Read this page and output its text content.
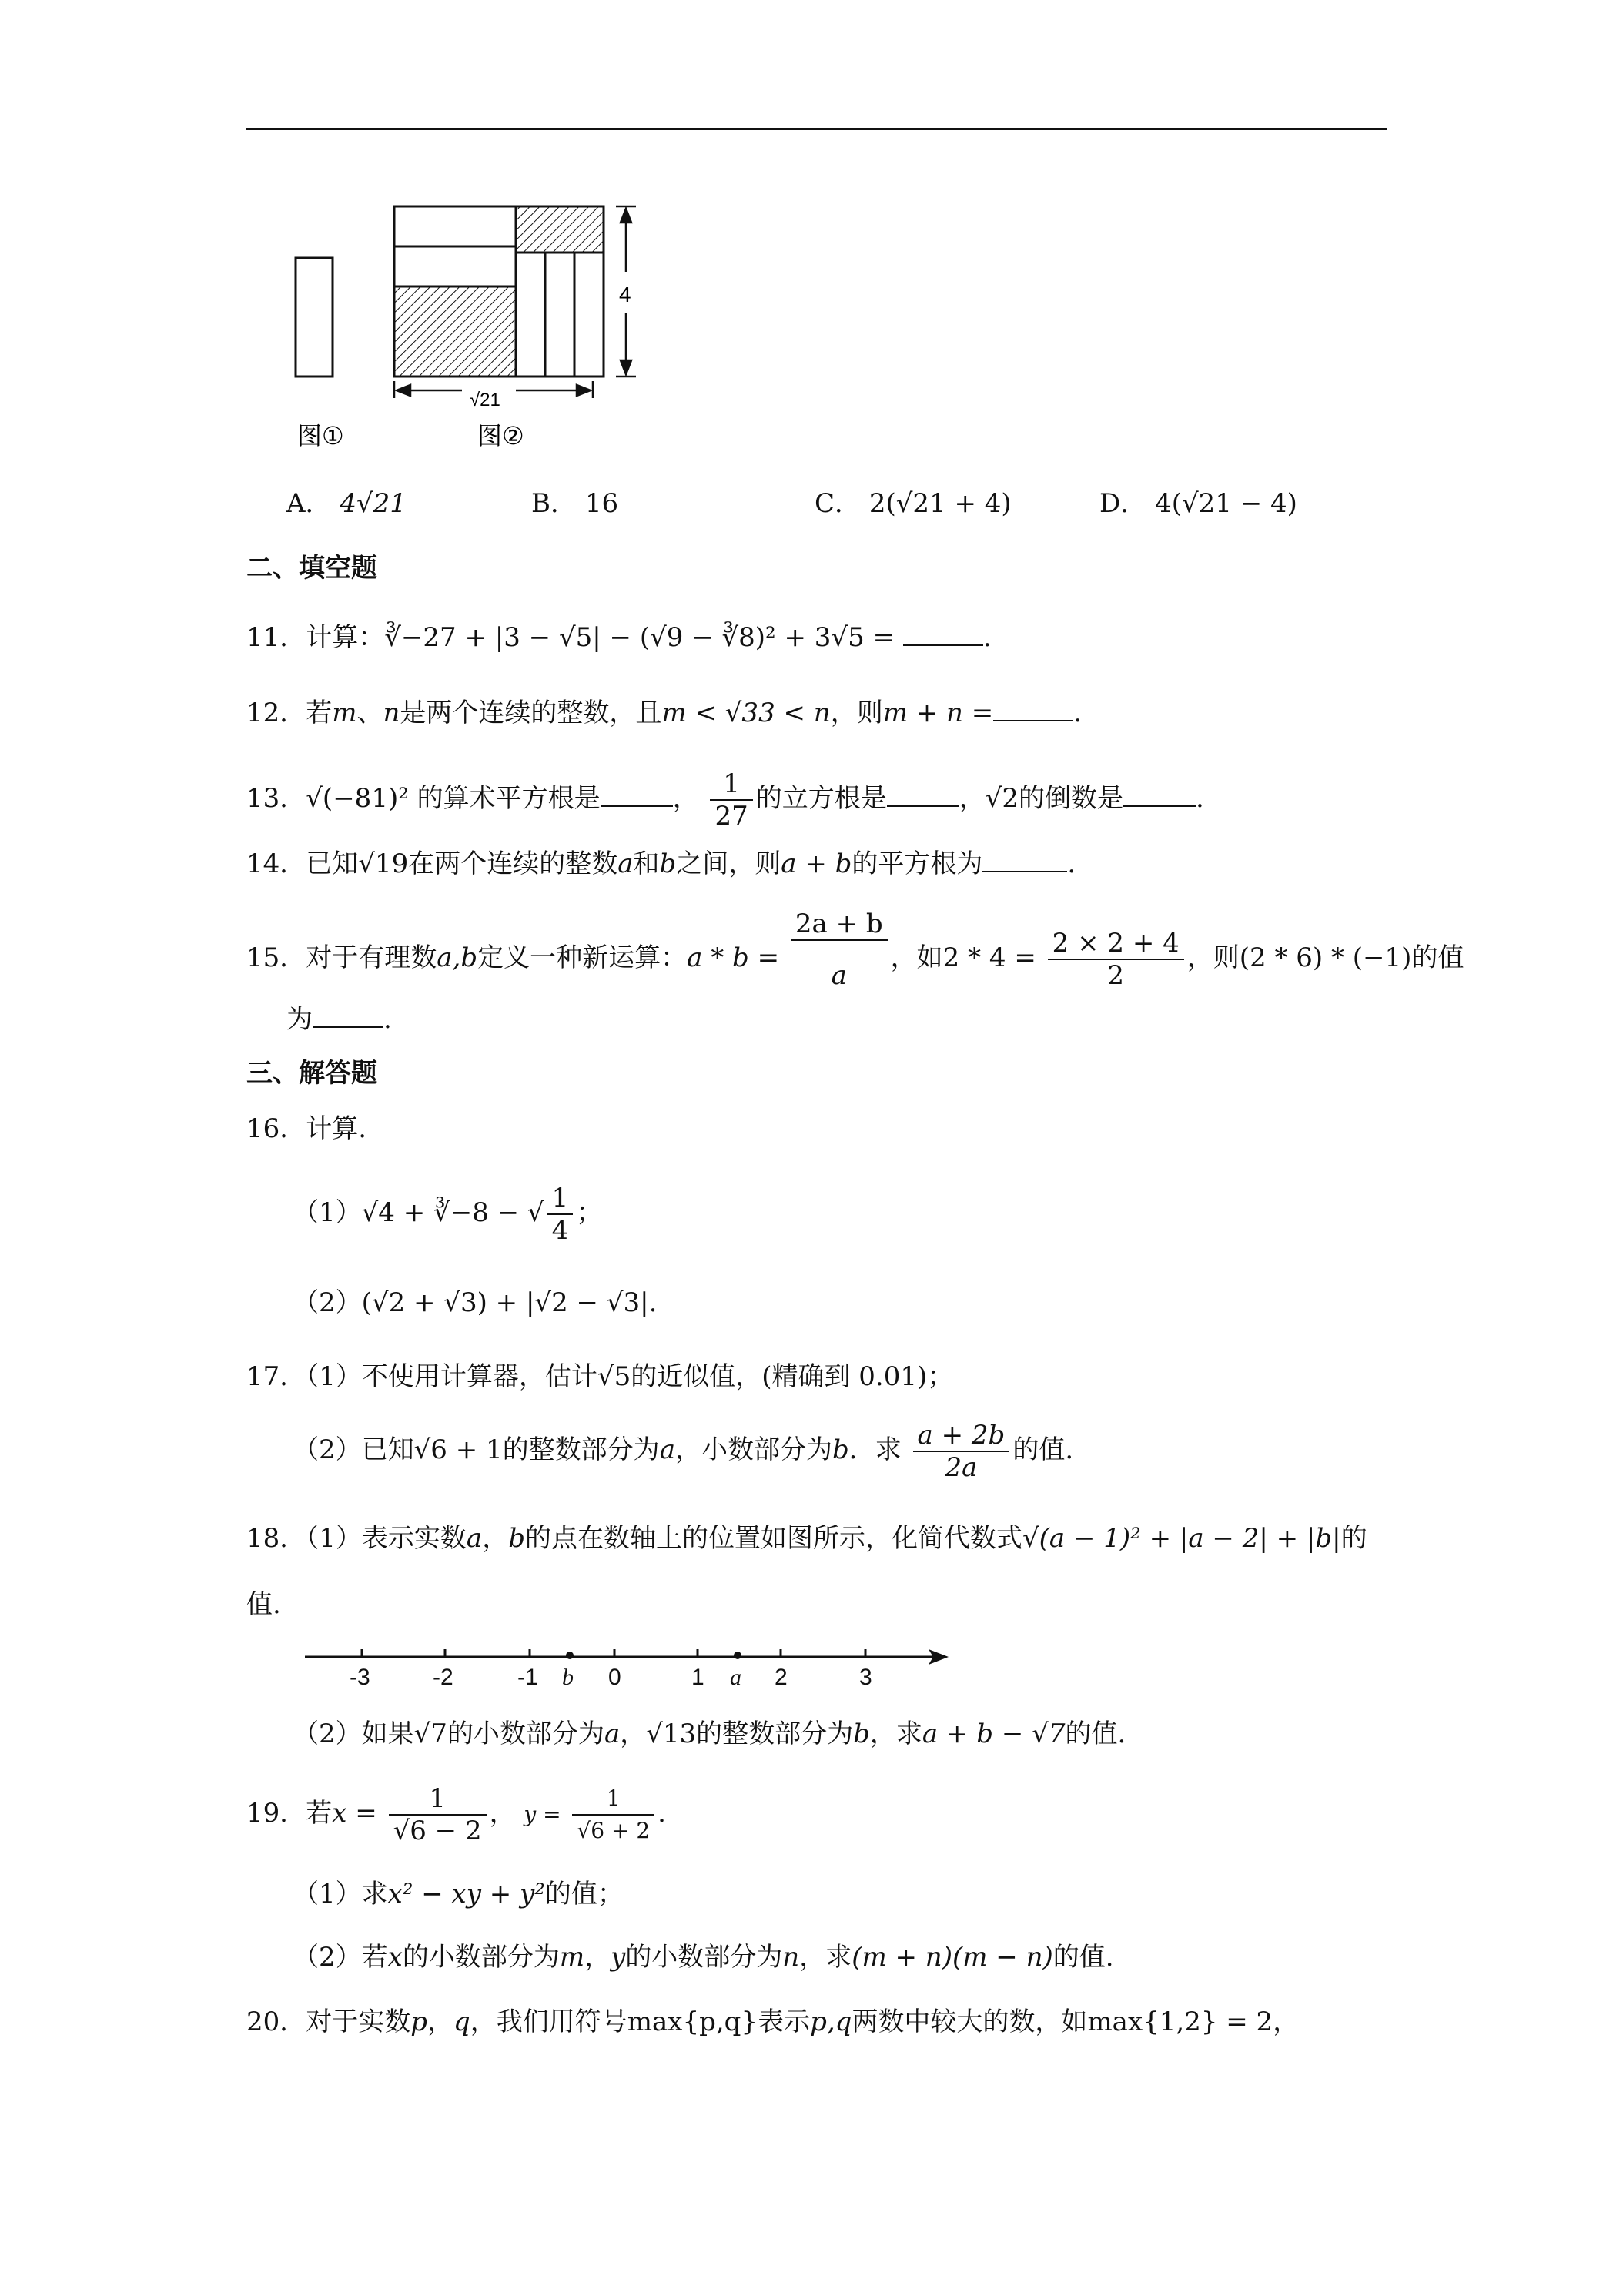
4
√21
图①	图②
A． 4√21	B． 16	C． 2(√21 + 4)	D． 4(√21 − 4)
二、填空题
11．计算：∛−27 + |3 − √5| − (√9 − ∛8)² + 3√5 =	.
12．若m、n是两个连续的整数，且m < √33 < n，则m + n =	.
13．√(−81)² 的算术平方根是	， $\frac{1}{27}$ 的立方根是	，√2的倒数是	.
14．已知√19在两个连续的整数a和b之间，则a + b的平方根为	.
15．对于有理数a,b定义一种新运算：$a * b = \frac{2a + b}{a}$ ，如$2 * 4 = \frac{2 \times 2 + 4}{2}$ ，则(2 * 6) * (−1)的值
为	.
三、解答题
16．计算.
（1）√4 + ∛−8 − √ $\frac{1}{4}$ ；
（2）(√2 + √3) + |√2 − √3|.
17．（1）不使用计算器，估计√5的近似值，(精确到 0.01)；
（2）已知√6 + 1的整数部分为a，小数部分为b．求 $\frac{a + 2b}{2a}$ 的值.
18．（1）表示实数a，b的点在数轴上的位置如图所示，化简代数式√(a − 1)² + |a − 2| + |b|的
值.
-3	-2	-1 b 0	1 a 2	3
（2）如果√7的小数部分为a，√13的整数部分为b，求a + b − √7的值.
19．若$x = \frac{1}{√6 - 2}$ ， $y = \frac{1}{√6 + 2}$ .
（1）求x² − xy + y²的值；
（2）若x的小数部分为m，y的小数部分为n，求(m + n)(m − n)的值.
20．对于实数p，q，我们用符号max{p,q}表示p,q两数中较大的数，如max{1,2} = 2，
